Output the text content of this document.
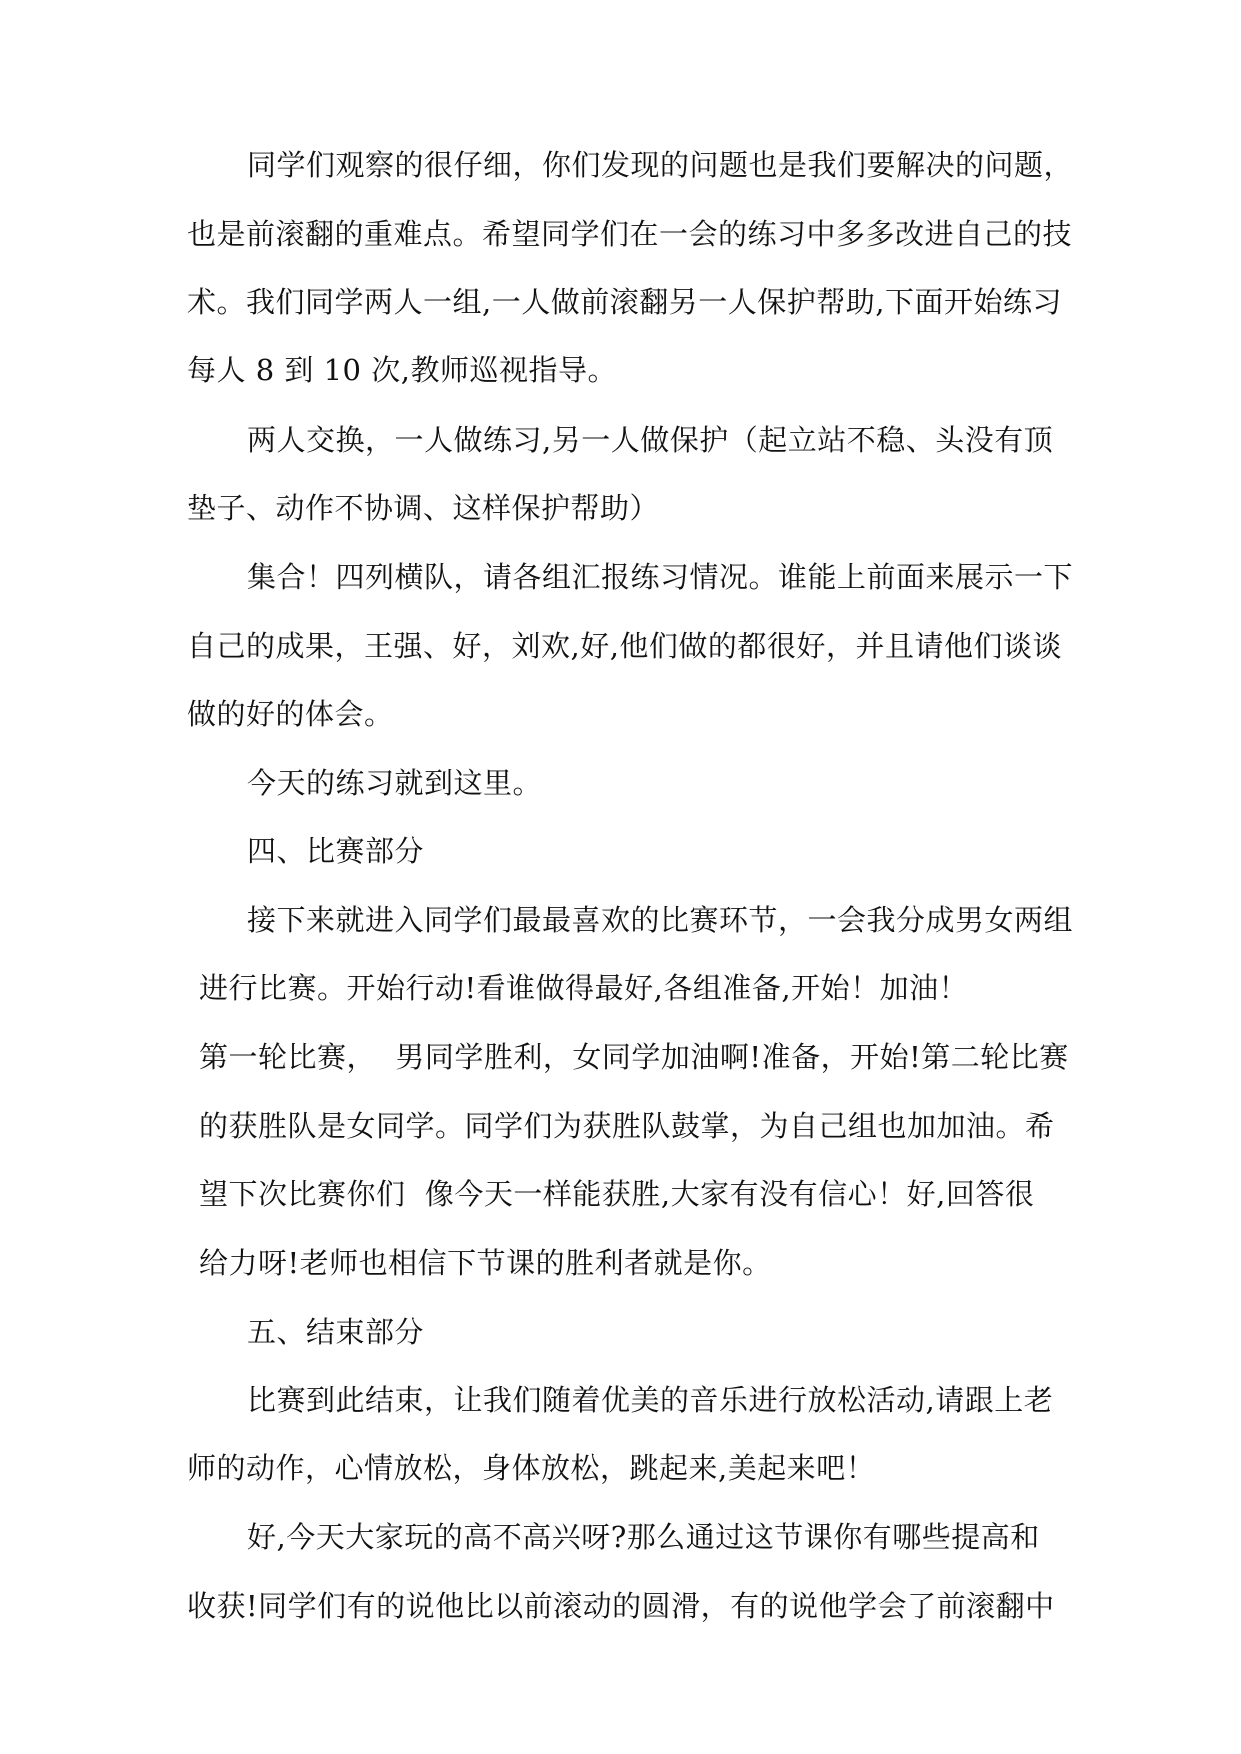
同学们观察的很仔细，你们发现的问题也是我们要解决的问题，
也是前滚翻的重难点。希望同学们在一会的练习中多多改进自己的技
术。我们同学两人一组,一人做前滚翻另一人保护帮助,下面开始练习
每人 8 到 10 次,教师巡视指导。
两人交换，一人做练习,另一人做保护（起立站不稳、头没有顶
垫子、动作不协调、这样保护帮助）
集合！四列横队，请各组汇报练习情况。谁能上前面来展示一下
自己的成果，王强、好，刘欢,好,他们做的都很好，并且请他们谈谈
做的好的体会。
今天的练习就到这里。
四、比赛部分
接下来就进入同学们最最喜欢的比赛环节，一会我分成男女两组
进行比赛。开始行动!看谁做得最好,各组准备,开始！加油！
第一轮比赛，  男同学胜利，女同学加油啊!准备，开始!第二轮比赛
的获胜队是女同学。同学们为获胜队鼓掌，为自己组也加加油。希
望下次比赛你们  像今天一样能获胜,大家有没有信心！好,回答很
给力呀!老师也相信下节课的胜利者就是你。
五、结束部分
比赛到此结束，让我们随着优美的音乐进行放松活动,请跟上老
师的动作，心情放松，身体放松，跳起来,美起来吧！
好,今天大家玩的高不高兴呀?那么通过这节课你有哪些提高和
收获!同学们有的说他比以前滚动的圆滑，有的说他学会了前滚翻中
